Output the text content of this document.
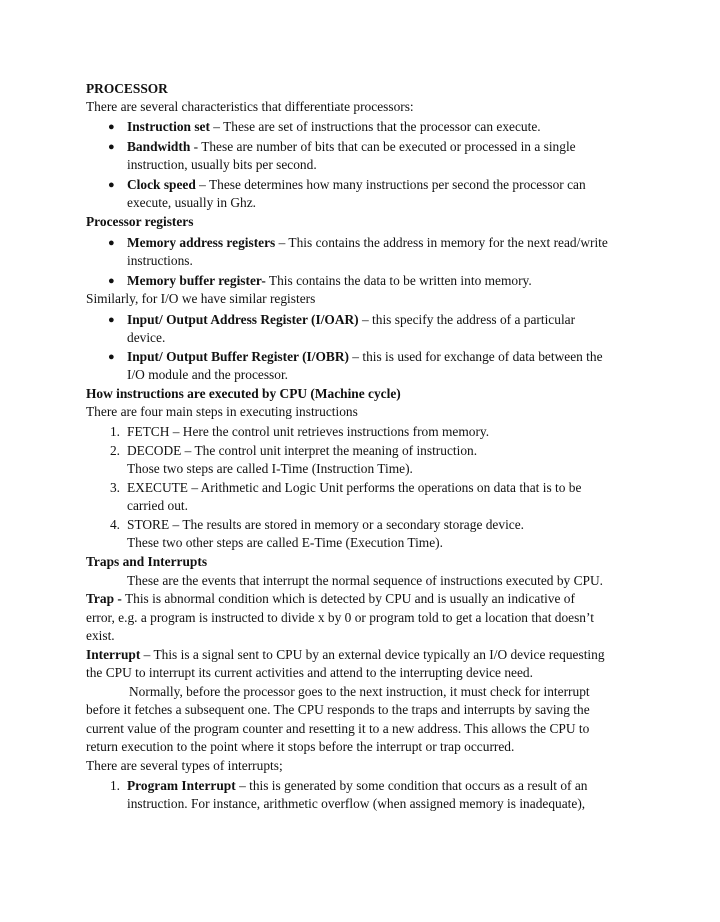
PROCESSOR
There are several characteristics that differentiate processors:
● Instruction set – These are set of instructions that the processor can execute.
● Bandwidth - These are number of bits that can be executed or processed in a single
instruction, usually bits per second.
● Clock speed – These determines how many instructions per second the processor can
execute, usually in Ghz.
Processor registers
● Memory address registers – This contains the address in memory for the next read/write
instructions.
● Memory buffer register- This contains the data to be written into memory.
Similarly, for I/O we have similar registers
● Input/ Output Address Register (I/OAR) – this specify the address of a particular
device.
● Input/ Output Buffer Register (I/OBR) – this is used for exchange of data between the
I/O module and the processor.
How instructions are executed by CPU (Machine cycle)
There are four main steps in executing instructions
1. FETCH – Here the control unit retrieves instructions from memory.
2. DECODE – The control unit interpret the meaning of instruction.
Those two steps are called I-Time (Instruction Time).
3. EXECUTE – Arithmetic and Logic Unit performs the operations on data that is to be
carried out.
4. STORE – The results are stored in memory or a secondary storage device.
These two other steps are called E-Time (Execution Time).
Traps and Interrupts
These are the events that interrupt the normal sequence of instructions executed by CPU.
Trap - This is abnormal condition which is detected by CPU and is usually an indicative of
error, e.g. a program is instructed to divide x by 0 or program told to get a location that doesn’t
exist.
Interrupt – This is a signal sent to CPU by an external device typically an I/O device requesting
the CPU to interrupt its current activities and attend to the interrupting device need.
Normally, before the processor goes to the next instruction, it must check for interrupt
before it fetches a subsequent one. The CPU responds to the traps and interrupts by saving the
current value of the program counter and resetting it to a new address. This allows the CPU to
return execution to the point where it stops before the interrupt or trap occurred.
There are several types of interrupts;
1. Program Interrupt – this is generated by some condition that occurs as a result of an
instruction. For instance, arithmetic overflow (when assigned memory is inadequate),
